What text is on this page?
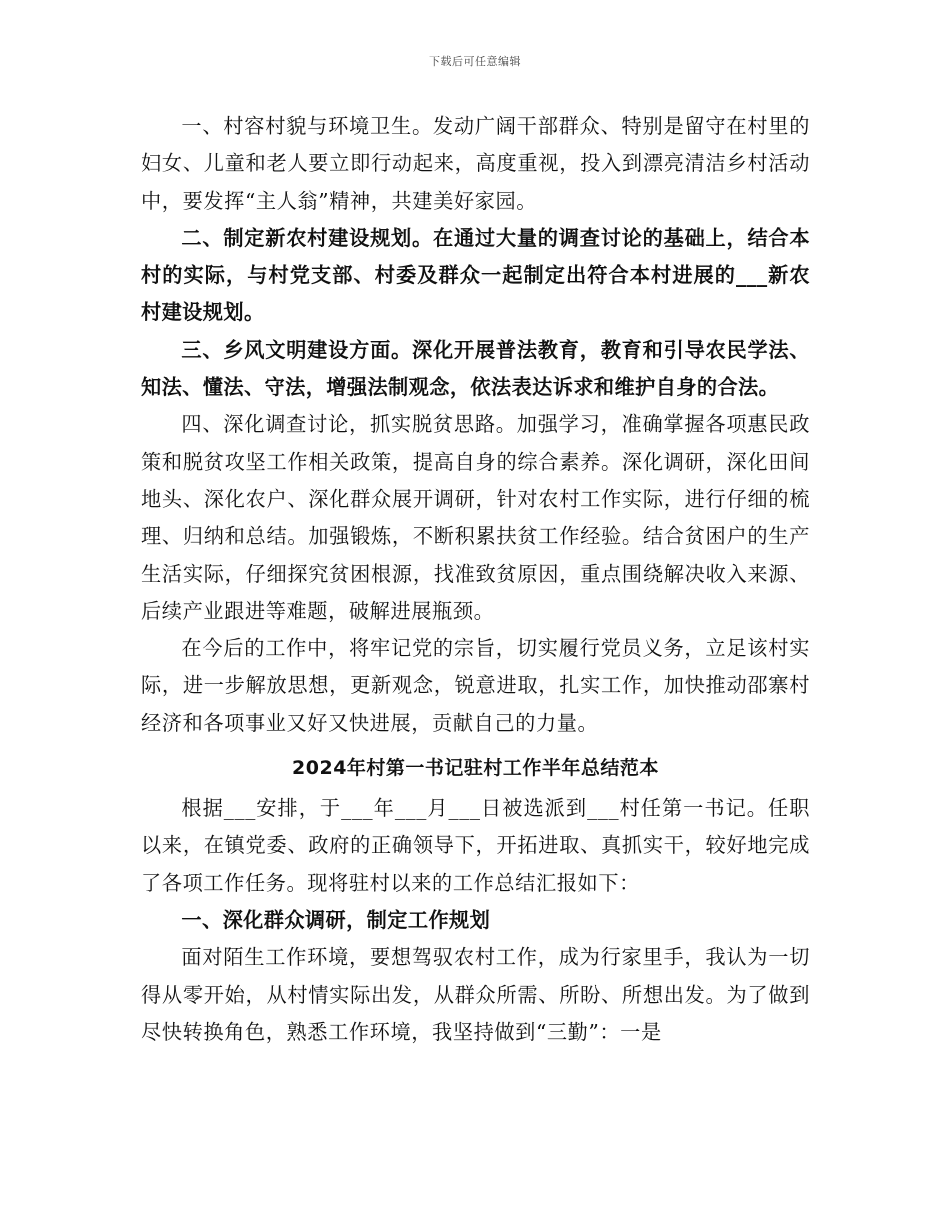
下载后可任意编辑

一、村容村貌与环境卫生。发动广阔干部群众、特别是留守在村里的妇女、儿童和老人要立即行动起来，高度重视，投入到漂亮清洁乡村活动中，要发挥“主人翁”精神，共建美好家园。

二、制定新农村建设规划。在通过大量的调查讨论的基础上，结合本村的实际，与村党支部、村委及群众一起制定出符合本村进展的___新农村建设规划。

三、乡风文明建设方面。深化开展普法教育，教育和引导农民学法、知法、懂法、守法，增强法制观念，依法表达诉求和维护自身的合法。

四、深化调查讨论，抓实脱贫思路。加强学习，准确掌握各项惠民政策和脱贫攻坚工作相关政策，提高自身的综合素养。深化调研，深化田间地头、深化农户、深化群众展开调研，针对农村工作实际，进行仔细的梳理、归纳和总结。加强锻炼，不断积累扶贫工作经验。结合贫困户的生产生活实际，仔细探究贫困根源，找准致贫原因，重点围绕解决收入来源、后续产业跟进等难题，破解进展瓶颈。

在今后的工作中，将牢记党的宗旨，切实履行党员义务，立足该村实际，进一步解放思想，更新观念，锐意进取，扎实工作，加快推动邵寨村经济和各项事业又好又快进展，贡献自己的力量。

2024年村第一书记驻村工作半年总结范本

根据___安排，于___年___月___日被选派到___村任第一书记。任职以来，在镇党委、政府的正确领导下，开拓进取、真抓实干，较好地完成了各项工作任务。现将驻村以来的工作总结汇报如下：

一、深化群众调研，制定工作规划

面对陌生工作环境，要想驾驭农村工作，成为行家里手，我认为一切得从零开始，从村情实际出发，从群众所需、所盼、所想出发。为了做到尽快转换角色，熟悉工作环境，我坚持做到“三勤”：一是
